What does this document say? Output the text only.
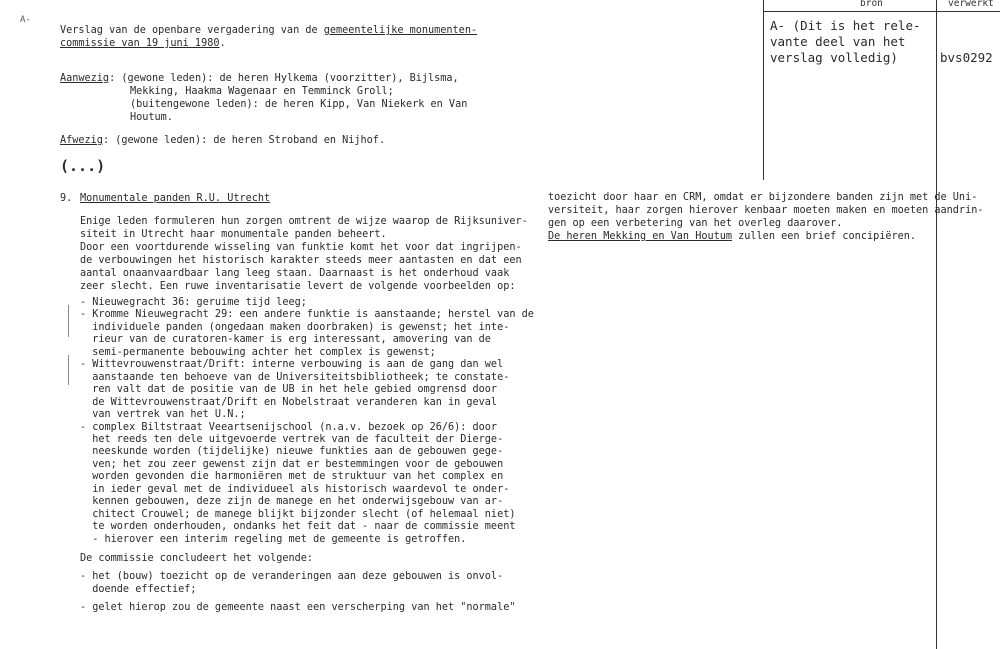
A-
bron	verwerkt
A- (Dit is het rele-
vante deel van het
verslag volledig)	bvs0292
Verslag van de openbare vergadering van de gemeentelijke monumenten-
commissie van 19 juni 1980.
Aanwezig: (gewone leden): de heren Hylkema (voorzitter), Bijlsma,
Mekking, Haakma Wagenaar en Temminck Groll;
(buitengewone leden): de heren Kipp, Van Niekerk en Van
Houtum.
Afwezig: (gewone leden): de heren Stroband en Nijhof.
(...)
9. Monumentale panden R.U. Utrecht
Enige leden formuleren hun zorgen omtrent de wijze waarop de Rijksuniver-
siteit in Utrecht haar monumentale panden beheert.
Door een voortdurende wisseling van funktie komt het voor dat ingrijpen-
de verbouwingen het historisch karakter steeds meer aantasten en dat een
aantal onaanvaardbaar lang leeg staan. Daarnaast is het onderhoud vaak
zeer slecht. Een ruwe inventarisatie levert de volgende voorbeelden op:
- Nieuwegracht 36: geruime tijd leeg;
- Kromme Nieuwegracht 29: een andere funktie is aanstaande; herstel van de
individuele panden (ongedaan maken doorbraken) is gewenst; het inte-
rieur van de curatoren-kamer is erg interessant, amovering van de
semi-permanente bebouwing achter het complex is gewenst;
- Wittevrouwenstraat/Drift: interne verbouwing is aan de gang dan wel
aanstaande ten behoeve van de Universiteitsbibliotheek; te constate-
ren valt dat de positie van de UB in het hele gebied omgrensd door
de Wittevrouwenstraat/Drift en Nobelstraat veranderen kan in geval
van vertrek van het U.N.;
- complex Biltstraat Veeartsenijschool (n.a.v. bezoek op 26/6): door
het reeds ten dele uitgevoerde vertrek van de faculteit der Dierge-
neeskunde worden (tijdelijke) nieuwe funkties aan de gebouwen gege-
ven; het zou zeer gewenst zijn dat er bestemmingen voor de gebouwen
worden gevonden die harmoniëren met de struktuur van het complex en
in ieder geval met de individueel als historisch waardevol te onder-
kennen gebouwen, deze zijn de manege en het onderwijsgebouw van ar-
chitect Crouwel; de manege blijkt bijzonder slecht (of helemaal niet)
te worden onderhouden, ondanks het feit dat - naar de commissie meent
- hierover een interim regeling met de gemeente is getroffen.
De commissie concludeert het volgende:
- het (bouw) toezicht op de veranderingen aan deze gebouwen is onvol-
doende effectief;
- gelet hierop zou de gemeente naast een verscherping van het "normale"
toezicht door haar en CRM, omdat er bijzondere banden zijn met de Uni-
versiteit, haar zorgen hierover kenbaar moeten maken en moeten aandrin-
gen op een verbetering van het overleg daarover.
De heren Mekking en Van Houtum zullen een brief concipiëren.
